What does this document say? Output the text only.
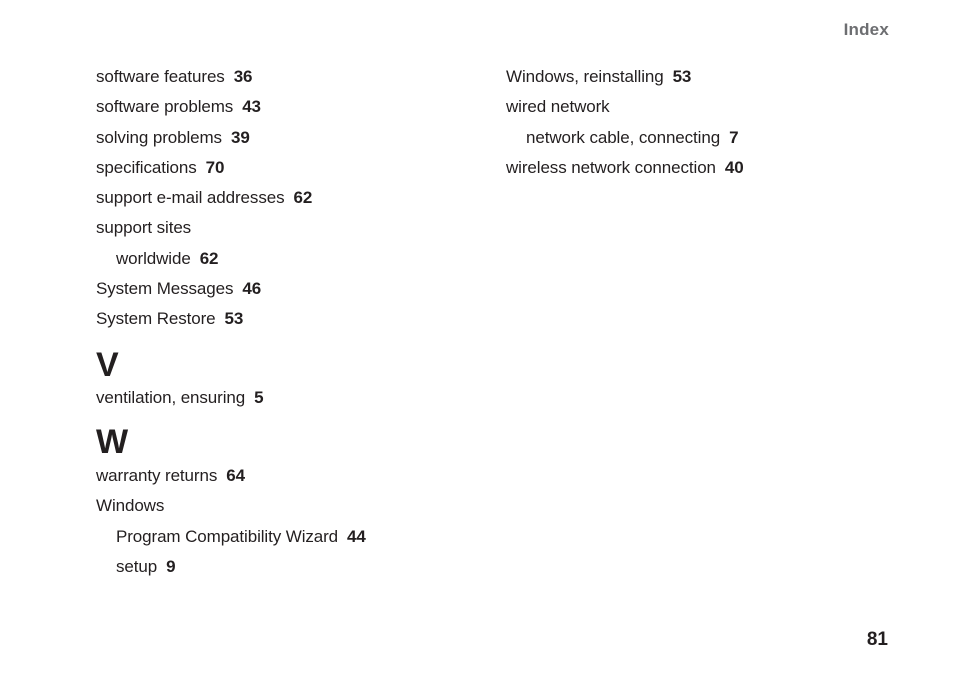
Index
software features 36
software problems 43
solving problems 39
specifications 70
support e-mail addresses 62
support sites
worldwide 62
System Messages 46
System Restore 53
V
ventilation, ensuring 5
W
warranty returns 64
Windows
Program Compatibility Wizard 44
setup 9
Windows, reinstalling 53
wired network
network cable, connecting 7
wireless network connection 40
81
